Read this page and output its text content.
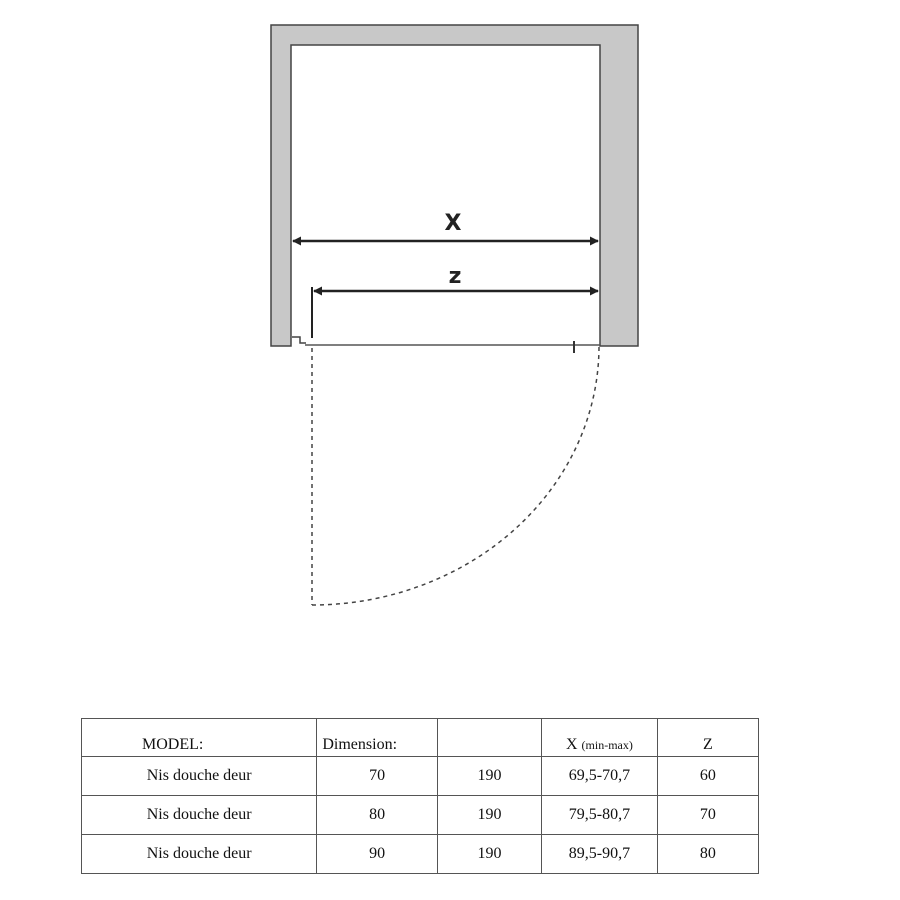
X
z
MODEL:	Dimension:		X (min-max)	Z
Nis douche deur	70	190	69,5-70,7	60
Nis douche deur	80	190	79,5-80,7	70
Nis douche deur	90	190	89,5-90,7	80
